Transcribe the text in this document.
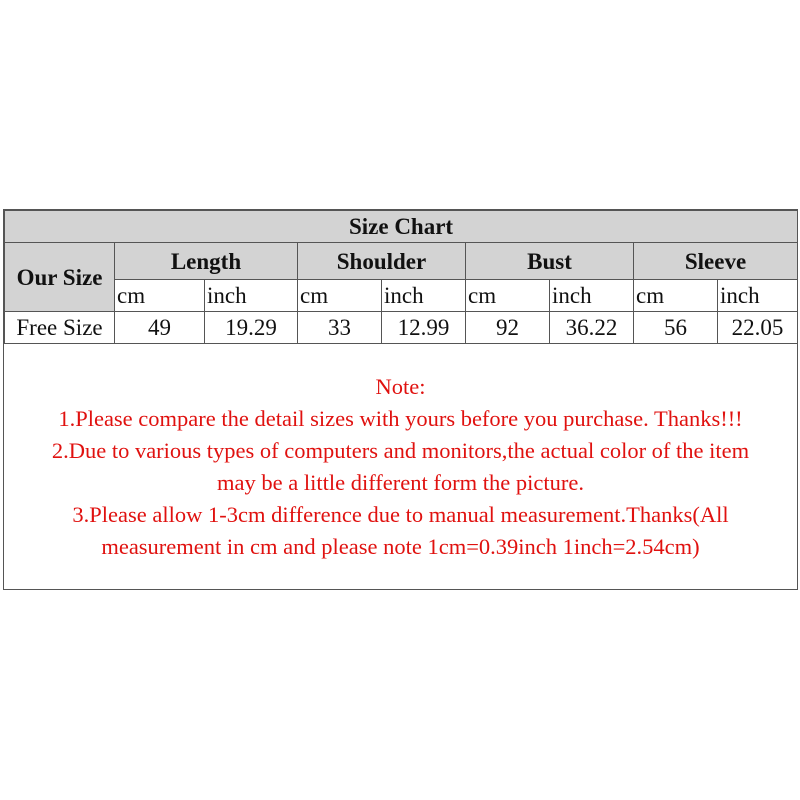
Size Chart								
Our Size	Length		Shoulder		Bust		Sleeve	
	cm	inch	cm	inch	cm	inch	cm	inch
Free Size	49	19.29	33	12.99	92	36.22	56	22.05
Note:
1.Please compare the detail sizes with yours before you purchase. Thanks!!!
2.Due to various types of computers and monitors,the actual color of the item
may be a little different form the picture.
3.Please allow 1-3cm difference due to manual measurement.Thanks(All
measurement in cm and please note 1cm=0.39inch 1inch=2.54cm)
